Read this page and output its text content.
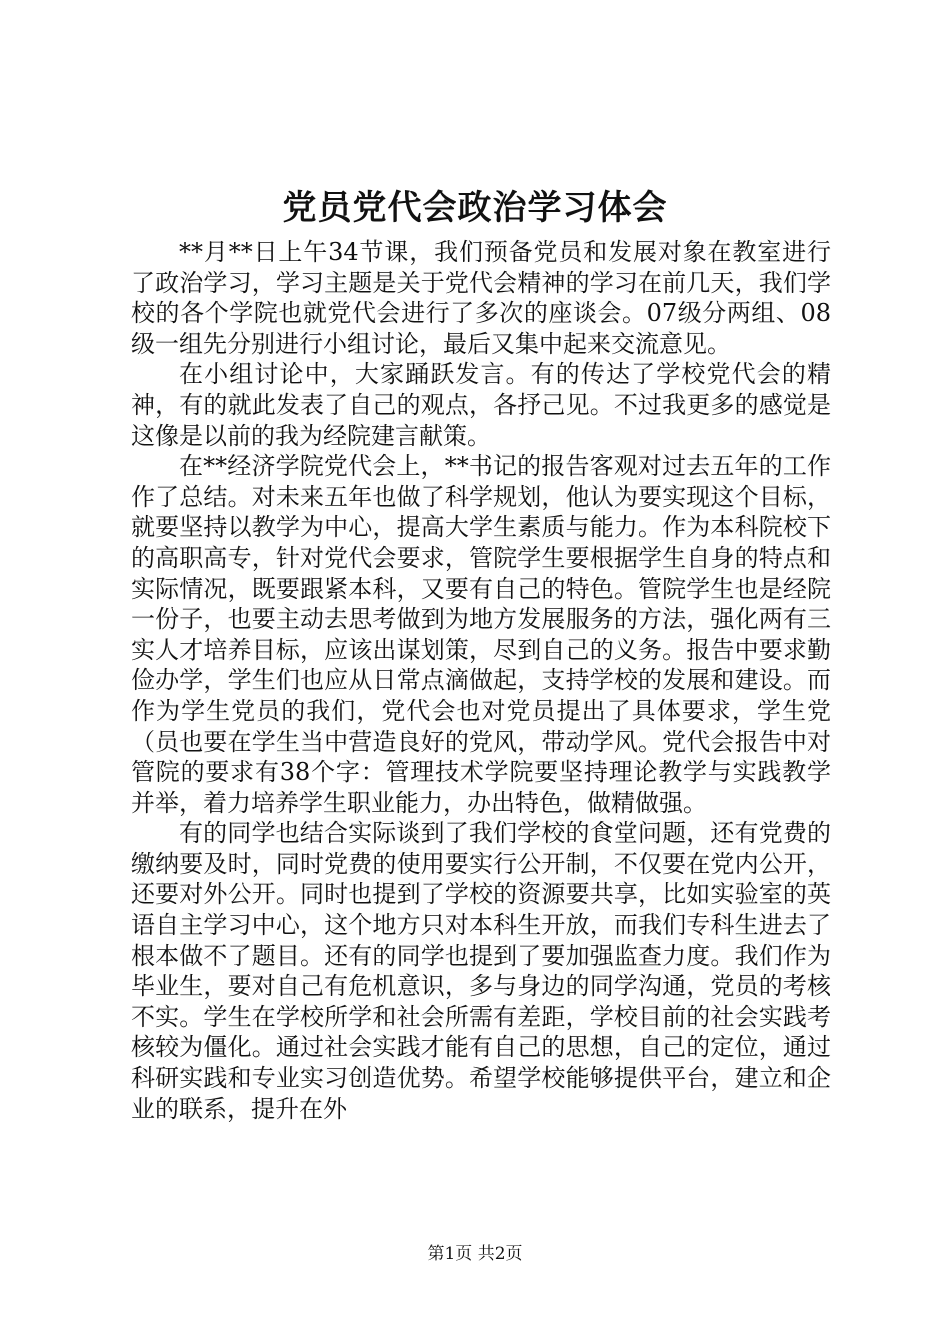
党员党代会政治学习体会

**月**日上午34节课，我们预备党员和发展对象在教室进行了政治学习，学习主题是关于党代会精神的学习在前几天，我们学校的各个学院也就党代会进行了多次的座谈会。07级分两组、08级一组先分别进行小组讨论，最后又集中起来交流意见。

在小组讨论中，大家踊跃发言。有的传达了学校党代会的精神，有的就此发表了自己的观点，各抒己见。不过我更多的感觉是这像是以前的我为经院建言献策。

在**经济学院党代会上，**书记的报告客观对过去五年的工作作了总结。对未来五年也做了科学规划，他认为要实现这个目标，就要坚持以教学为中心，提高大学生素质与能力。作为本科院校下的高职高专，针对党代会要求，管院学生要根据学生自身的特点和实际情况，既要跟紧本科，又要有自己的特色。管院学生也是经院一份子，也要主动去思考做到为地方发展服务的方法，强化两有三实人才培养目标，应该出谋划策，尽到自己的义务。报告中要求勤俭办学，学生们也应从日常点滴做起，支持学校的发展和建设。而作为学生党员的我们，党代会也对党员提出了具体要求，学生党（员也要在学生当中营造良好的党风，带动学风。党代会报告中对管院的要求有38个字：管理技术学院要坚持理论教学与实践教学并举，着力培养学生职业能力，办出特色，做精做强。

有的同学也结合实际谈到了我们学校的食堂问题，还有党费的缴纳要及时，同时党费的使用要实行公开制，不仅要在党内公开，还要对外公开。同时也提到了学校的资源要共享，比如实验室的英语自主学习中心，这个地方只对本科生开放，而我们专科生进去了根本做不了题目。还有的同学也提到了要加强监查力度。我们作为毕业生，要对自己有危机意识，多与身边的同学沟通，党员的考核不实。学生在学校所学和社会所需有差距，学校目前的社会实践考核较为僵化。通过社会实践才能有自己的思想，自己的定位，通过科研实践和专业实习创造优势。希望学校能够提供平台，建立和企业的联系，提升在外

第1页 共2页
